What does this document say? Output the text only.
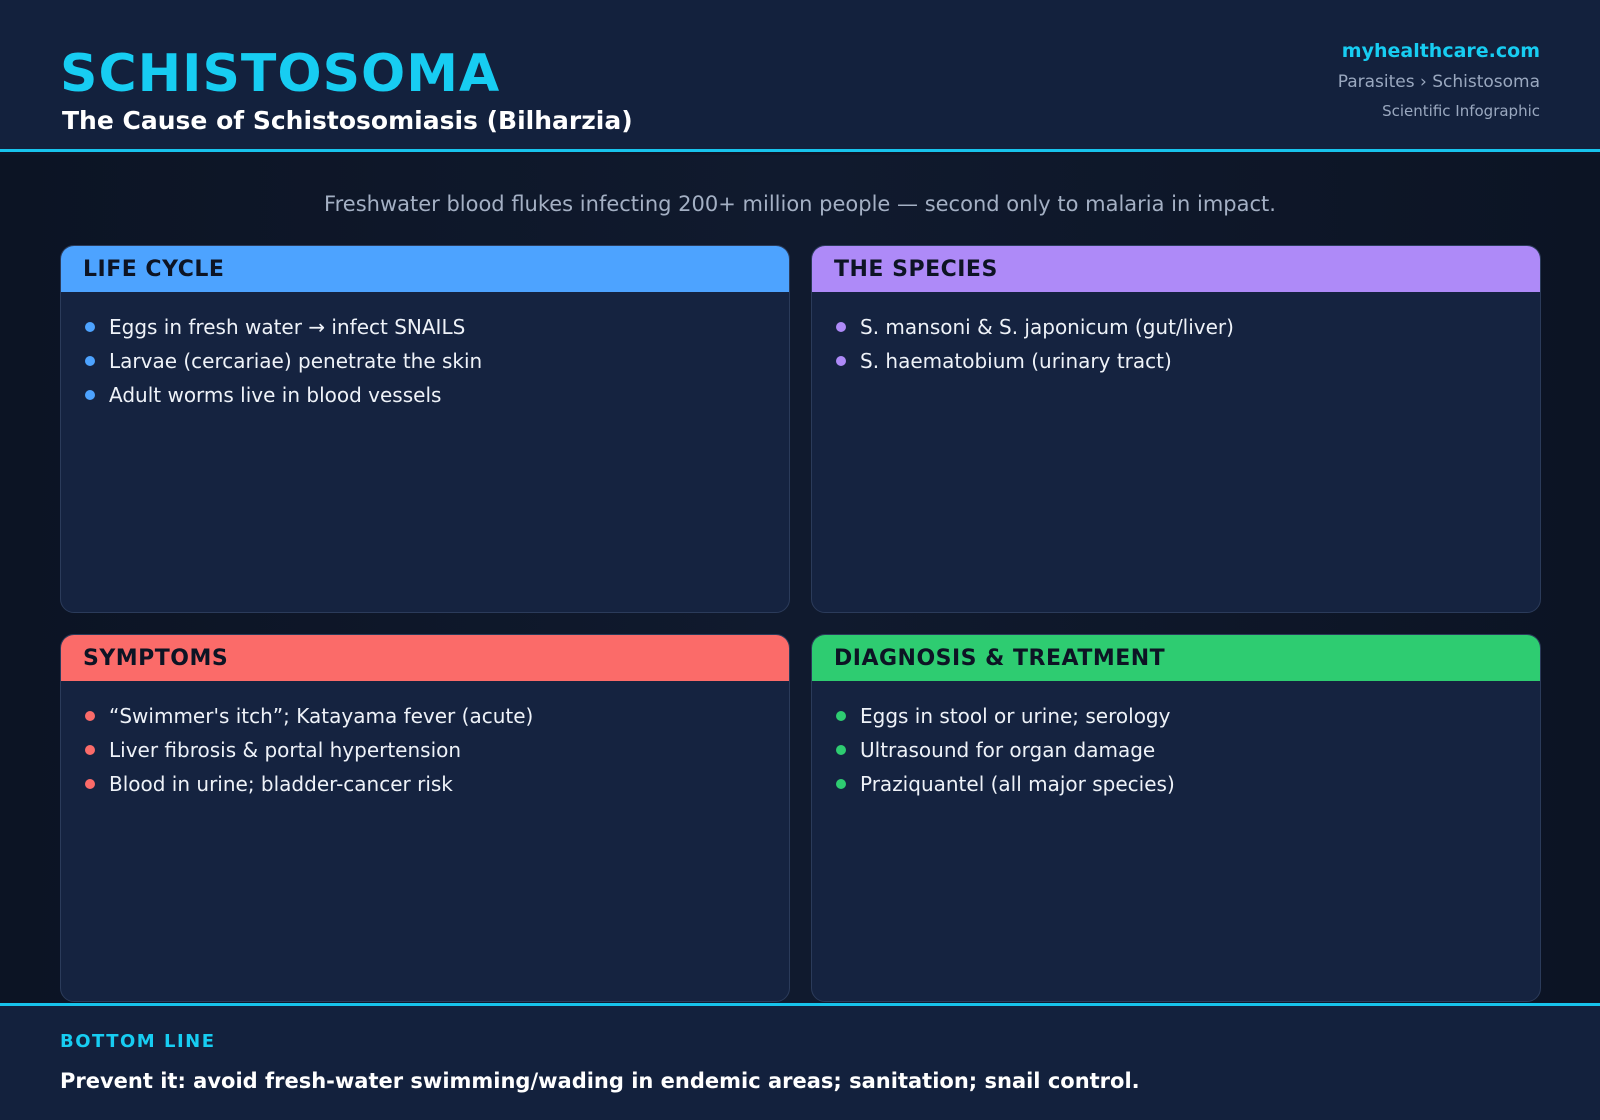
SCHISTOSOMA
The Cause of Schistosomiasis (Bilharzia)
myhealthcare.com
Parasites › Schistosoma
Scientific Infographic
Freshwater blood flukes infecting 200+ million people — second only to malaria in impact.
LIFE CYCLE
Eggs in fresh water → infect SNAILS
Larvae (cercariae) penetrate the skin
Adult worms live in blood vessels
THE SPECIES
S. mansoni & S. japonicum (gut/liver)
S. haematobium (urinary tract)
SYMPTOMS
“Swimmer's itch”; Katayama fever (acute)
Liver fibrosis & portal hypertension
Blood in urine; bladder-cancer risk
DIAGNOSIS & TREATMENT
Eggs in stool or urine; serology
Ultrasound for organ damage
Praziquantel (all major species)
BOTTOM LINE
Prevent it: avoid fresh-water swimming/wading in endemic areas; sanitation; snail control.
